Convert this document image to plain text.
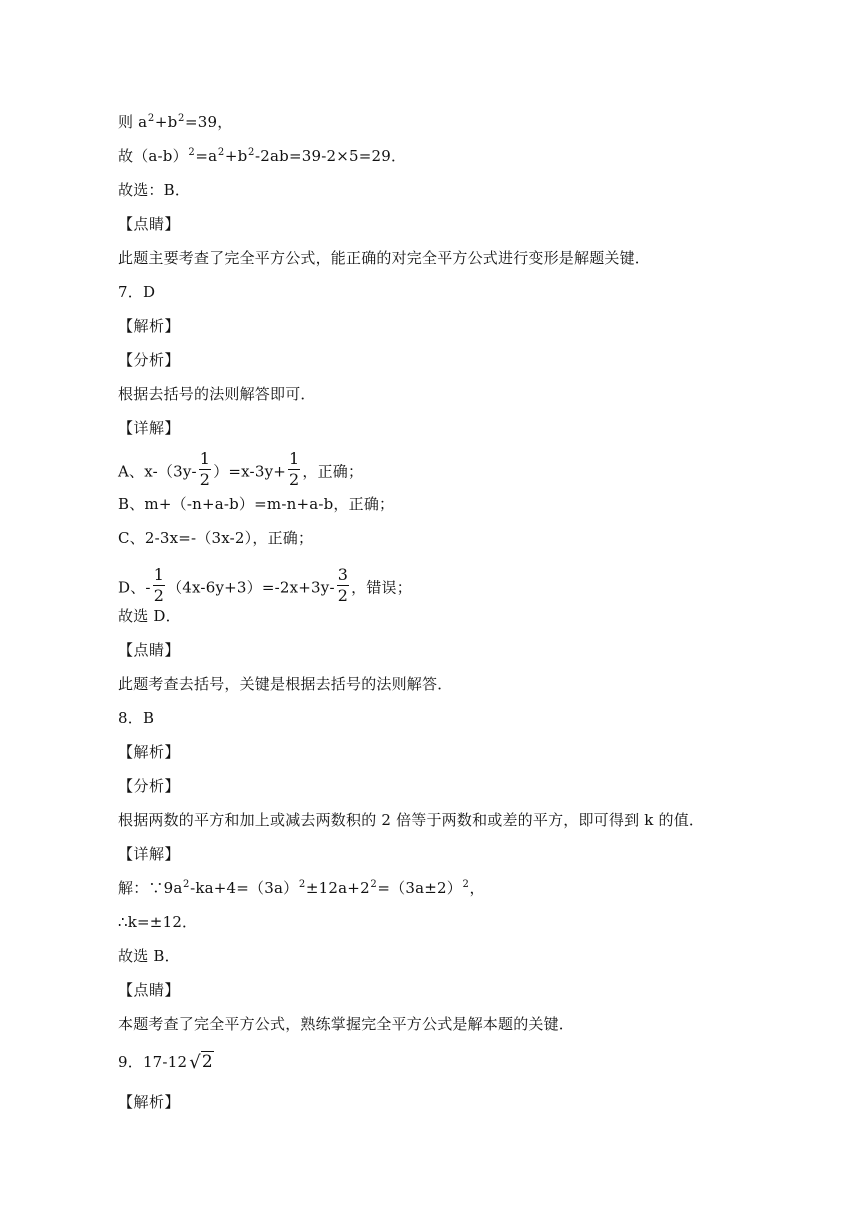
则 $a^2+b^2=39$，
故$(a-b)^2=a^2+b^2-2ab=39-2\times 5=29$．
故选：B．
【点睛】
此题主要考查了完全平方公式，能正确的对完全平方公式进行变形是解题关键．
7．D
【解析】
【分析】
根据去括号的法则解答即可．
【详解】
A、$x-(3y- \frac{1}{2} )=x-3y+ \frac{1}{2}$ ，正确；
B、m+（-n+a-b）=m-n+a-b，正确；
C、2-3x=-（3x-2），正确；
D、- $\frac{1}{2} (4x-6y+3)=-2x+3y- \frac{3}{2}$ ，错误；
故选 D．
【点睛】
此题考查去括号，关键是根据去括号的法则解答．
8．B
【解析】
【分析】
根据两数的平方和加上或减去两数积的 2 倍等于两数和或差的平方，即可得到 k 的值．
【详解】
解：$\because 9a^2-ka+4=(3a)^2\pm 12a+2^2=(3a\pm 2)^2$，
∴k=±12．
故选 B．
【点睛】
本题考查了完全平方公式，熟练掌握完全平方公式是解本题的关键．
9．17-12 √2
【解析】
